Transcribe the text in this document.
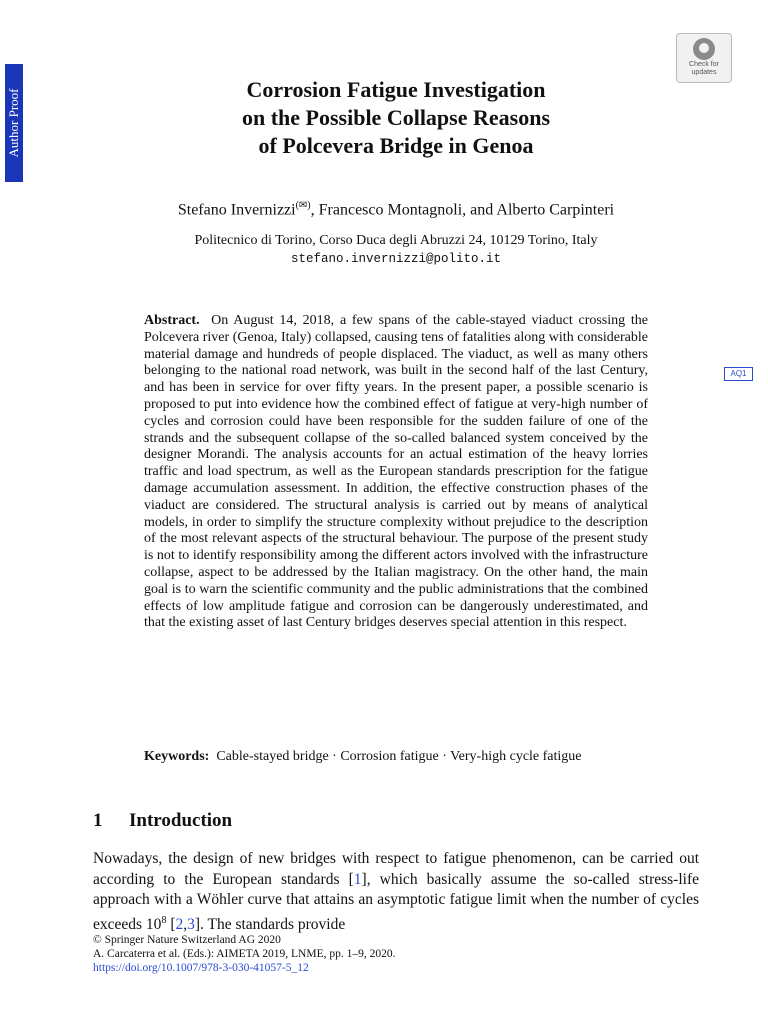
Author Proof
Check for
updates
Corrosion Fatigue Investigation
on the Possible Collapse Reasons
of Polcevera Bridge in Genoa
Stefano Invernizzi(✉), Francesco Montagnoli, and Alberto Carpinteri
Politecnico di Torino, Corso Duca degli Abruzzi 24, 10129 Torino, Italy
stefano.invernizzi@polito.it
Abstract. On August 14, 2018, a few spans of the cable-stayed viaduct crossing the Polcevera river (Genoa, Italy) collapsed, causing tens of fatalities along with considerable material damage and hundreds of people displaced. The viaduct, as well as many others belonging to the national road network, was built in the second half of the last Century, and has been in service for over fifty years. In the present paper, a possible scenario is proposed to put into evidence how the combined effect of fatigue at very-high number of cycles and corrosion could have been responsible for the sudden failure of one of the strands and the subsequent collapse of the so-called balanced system conceived by the designer Morandi. The analysis accounts for an actual estimation of the heavy lorries traffic and load spectrum, as well as the European standards prescription for the fatigue damage accumulation assessment. In addition, the effective construction phases of the viaduct are considered. The structural analysis is carried out by means of analytical models, in order to simplify the structure complexity without prejudice to the description of the most relevant aspects of the structural behaviour. The purpose of the present study is not to identify responsibility among the different actors involved with the infrastructure collapse, aspect to be addressed by the Italian magistracy. On the other hand, the main goal is to warn the scientific community and the public administrations that the combined effects of low amplitude fatigue and corrosion can be dangerously underestimated, and that the existing asset of last Century bridges deserves special attention in this respect.
AQ1
Keywords: Cable-stayed bridge · Corrosion fatigue · Very-high cycle fatigue
1 Introduction
Nowadays, the design of new bridges with respect to fatigue phenomenon, can be carried out according to the European standards [1], which basically assume the so-called stress-life approach with a Wöhler curve that attains an asymptotic fatigue limit when the number of cycles exceeds $10^8$ [2,3]. The standards provide
© Springer Nature Switzerland AG 2020
A. Carcaterra et al. (Eds.): AIMETA 2019, LNME, pp. 1–9, 2020.
https://doi.org/10.1007/978-3-030-41057-5_12
